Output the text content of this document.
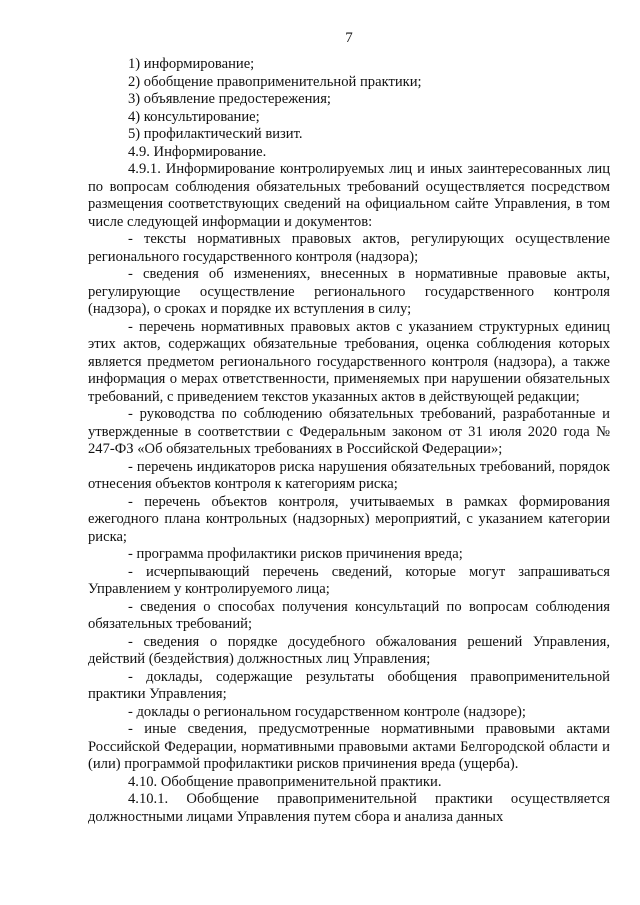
7

1) информирование;

2) обобщение правоприменительной практики;

3) объявление предостережения;

4) консультирование;

5) профилактический визит.

4.9. Информирование.

4.9.1. Информирование контролируемых лиц и иных заинтересованных лиц по вопросам соблюдения обязательных требований осуществляется посредством размещения соответствующих сведений на официальном сайте Управления, в том числе следующей информации и документов:

- тексты нормативных правовых актов, регулирующих осуществление регионального государственного контроля (надзора);

- сведения об изменениях, внесенных в нормативные правовые акты, регулирующие осуществление регионального государственного контроля (надзора), о сроках и порядке их вступления в силу;

- перечень нормативных правовых актов с указанием структурных единиц этих актов, содержащих обязательные требования, оценка соблюдения которых является предметом регионального государственного контроля (надзора), а также информация о мерах ответственности, применяемых при нарушении обязательных требований, с приведением текстов указанных актов в действующей редакции;

- руководства по соблюдению обязательных требований, разработанные и утвержденные в соответствии с Федеральным законом от 31 июля 2020 года № 247-ФЗ «Об обязательных требованиях в Российской Федерации»;

- перечень индикаторов риска нарушения обязательных требований, порядок отнесения объектов контроля к категориям риска;

- перечень объектов контроля, учитываемых в рамках формирования ежегодного плана контрольных (надзорных) мероприятий, с указанием категории риска;

- программа профилактики рисков причинения вреда;

- исчерпывающий перечень сведений, которые могут запрашиваться Управлением у контролируемого лица;

- сведения о способах получения консультаций по вопросам соблюдения обязательных требований;

- сведения о порядке досудебного обжалования решений Управления, действий (бездействия) должностных лиц Управления;

- доклады, содержащие результаты обобщения правоприменительной практики Управления;

- доклады о региональном государственном контроле (надзоре);

- иные сведения, предусмотренные нормативными правовыми актами Российской Федерации, нормативными правовыми актами Белгородской области и (или) программой профилактики рисков причинения вреда (ущерба).

4.10. Обобщение правоприменительной практики.

4.10.1. Обобщение правоприменительной практики осуществляется должностными лицами Управления путем сбора и анализа данных
